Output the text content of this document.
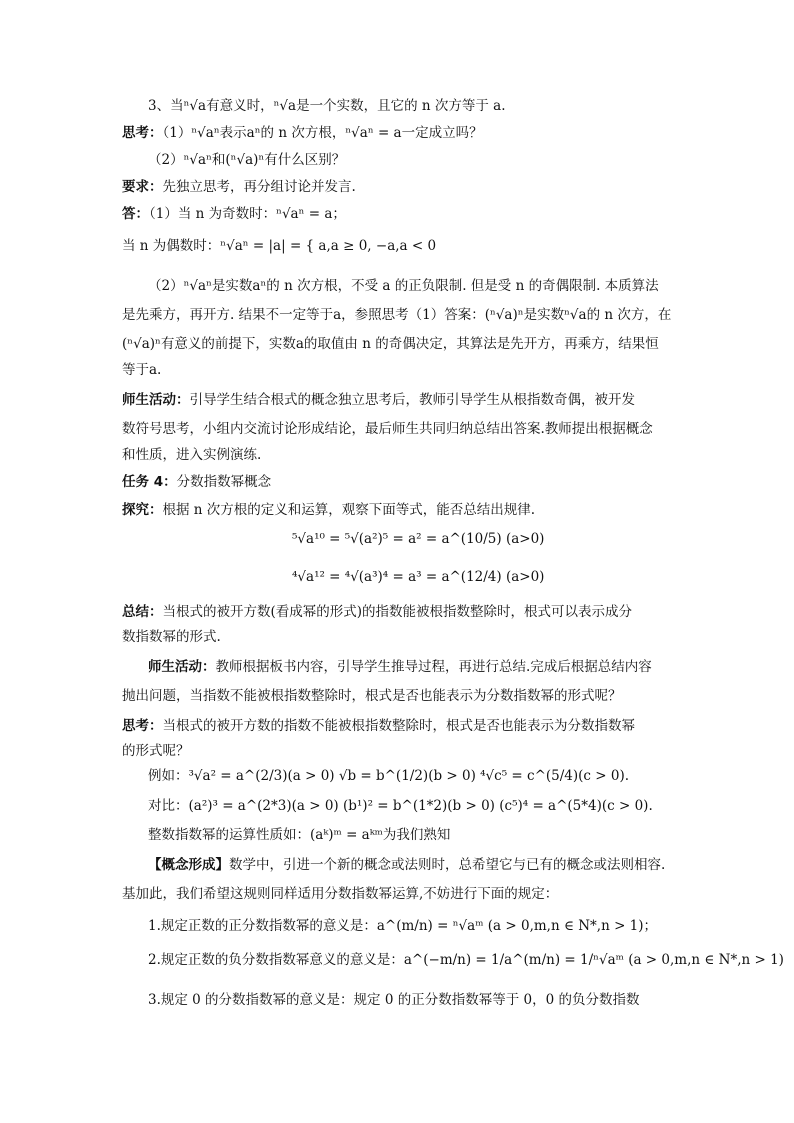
3、当ⁿ√a有意义时，ⁿ√a是一个实数，且它的 n 次方等于 a.
思考：（1）ⁿ√aⁿ表示aⁿ的 n 次方根，ⁿ√aⁿ = a一定成立吗？
（2）ⁿ√aⁿ和(ⁿ√a)ⁿ有什么区别？
要求：先独立思考，再分组讨论并发言.
答：（1）当 n 为奇数时：ⁿ√aⁿ = a；
当 n 为偶数时：ⁿ√aⁿ = |a| = { a,a ≥ 0, −a,a < 0
（2）ⁿ√aⁿ是实数aⁿ的 n 次方根，不受 a 的正负限制. 但是受 n 的奇偶限制. 本质算法
是先乘方，再开方. 结果不一定等于a，参照思考（1）答案：(ⁿ√a)ⁿ是实数ⁿ√a的 n 次方，在
(ⁿ√a)ⁿ有意义的前提下，实数a的取值由 n 的奇偶决定，其算法是先开方，再乘方，结果恒
等于a.
师生活动：引导学生结合根式的概念独立思考后，教师引导学生从根指数奇偶，被开发
数符号思考，小组内交流讨论形成结论，最后师生共同归纳总结出答案.教师提出根据概念
和性质，进入实例演练.
任务 4：分数指数幂概念
探究：根据 n 次方根的定义和运算，观察下面等式，能否总结出规律.
⁵√a¹⁰ = ⁵√(a²)⁵ = a² = a^(10/5) (a>0)
⁴√a¹² = ⁴√(a³)⁴ = a³ = a^(12/4) (a>0)
总结：当根式的被开方数(看成幂的形式)的指数能被根指数整除时，根式可以表示成分
数指数幂的形式.
师生活动：教师根据板书内容，引导学生推导过程，再进行总结.完成后根据总结内容
抛出问题，当指数不能被根指数整除时，根式是否也能表示为分数指数幂的形式呢？
思考：当根式的被开方数的指数不能被根指数整除时，根式是否也能表示为分数指数幂
的形式呢？
例如：³√a² = a^(2/3)(a > 0) √b = b^(1/2)(b > 0) ⁴√c⁵ = c^(5/4)(c > 0).
对比：(a²)³ = a^(2*3)(a > 0) (b¹)² = b^(1*2)(b > 0) (c⁵)⁴ = a^(5*4)(c > 0).
整数指数幂的运算性质如：(aᵏ)ᵐ = aᵏᵐ为我们熟知
【概念形成】数学中，引进一个新的概念或法则时，总希望它与已有的概念或法则相容.
基加此，我们希望这规则同样适用分数指数幂运算,不妨进行下面的规定：
1.规定正数的正分数指数幂的意义是：a^(m/n) = ⁿ√aᵐ (a > 0,m,n ∈ N*,n > 1)；
2.规定正数的负分数指数幂意义的意义是：a^(−m/n) = 1/a^(m/n) = 1/ⁿ√aᵐ (a > 0,m,n ∈ N*,n > 1)
3.规定 0 的分数指数幂的意义是：规定 0 的正分数指数幂等于 0，0 的负分数指数
